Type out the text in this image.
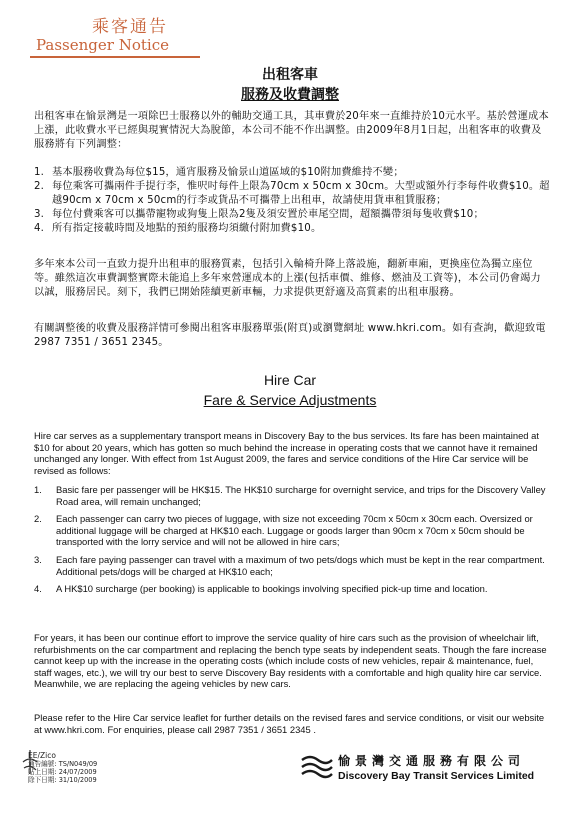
乘客通告
Passenger Notice
出租客車
服務及收費調整
出租客車在愉景灣是一項除巴士服務以外的輔助交通工具，其車費於20年來一直維持於10元水平。基於營運成本上漲，此收費水平已經與現實情況大為脫節，本公司不能不作出調整。由2009年8月1日起，出租客車的收費及服務將有下列調整：
1. 基本服務收費為每位$15，通宵服務及愉景山道區域的$10附加費維持不變；
2. 每位乘客可攜兩件手提行李，惟呎吋每件上限為70cm x 50cm x 30cm。大型或額外行李每件收費$10。超越90cm x 70cm x 50cm的行李或貨品不可攜帶上出租車，故請使用貨車租賃服務；
3. 每位付費乘客可以攜帶寵物或狗隻上限為2隻及須安置於車尾空間，超額攜帶須每隻收費$10；
4. 所有指定接載時間及地點的預約服務均須繳付附加費$10。
多年來本公司一直致力提升出租車的服務質素，包括引入輪椅升降上落設施，翻新車廂，更換座位為獨立座位等。雖然這次車費調整實際未能追上多年來營運成本的上漲(包括車價、維修、燃油及工資等)，本公司仍會竭力以誠，服務居民。刻下，我們已開始陸續更新車輛，力求提供更舒適及高質素的出租車服務。
有關調整後的收費及服務詳情可參閱出租客車服務單張(附頁)或瀏覽網址 www.hkri.com。如有查詢，歡迎致電2987 7351 / 3651 2345。
Hire Car
Fare & Service Adjustments
Hire car serves as a supplementary transport means in Discovery Bay to the bus services. Its fare has been maintained at $10 for about 20 years, which has gotten so much behind the increase in operating costs that we cannot have it remained unchanged any longer. With effect from 1st August 2009, the fares and service conditions of the Hire Car service will be revised as follows:
1. Basic fare per passenger will be HK$15. The HK$10 surcharge for overnight service, and trips for the Discovery Valley Road area, will remain unchanged;
2. Each passenger can carry two pieces of luggage, with size not exceeding 70cm x 50cm x 30cm each. Oversized or additional luggage will be charged at HK$10 each. Luggage or goods larger than 90cm x 70cm x 50cm should be transported with the lorry service and will not be allowed in hire cars;
3. Each fare paying passenger can travel with a maximum of two pets/dogs which must be kept in the rear compartment. Additional pets/dogs will be charged at HK$10 each;
4. A HK$10 surcharge (per booking) is applicable to bookings involving specified pick-up time and location.
For years, it has been our continue effort to improve the service quality of hire cars such as the provision of wheelchair lift, refurbishments on the car compartment and replacing the bench type seats by independent seats. Though the fare increase cannot keep up with the increase in the operating costs (which include costs of new vehicles, repair & maintenance, fuel, staff wages, etc.), we will try our best to serve Discovery Bay residents with a comfortable and high quality hire car service. Meanwhile, we are replacing the ageing vehicles by new cars.
Please refer to the Hire Car service leaflet for further details on the revised fares and service conditions, or visit our website at www.hkri.com. For enquiries, please call 2987 7351 / 3651 2345 .
EE/Zico
通告編號: TS/N049/09
貼上日期: 24/07/2009
除下日期: 31/10/2009
愉景灣交通服務有限公司
Discovery Bay Transit Services Limited
